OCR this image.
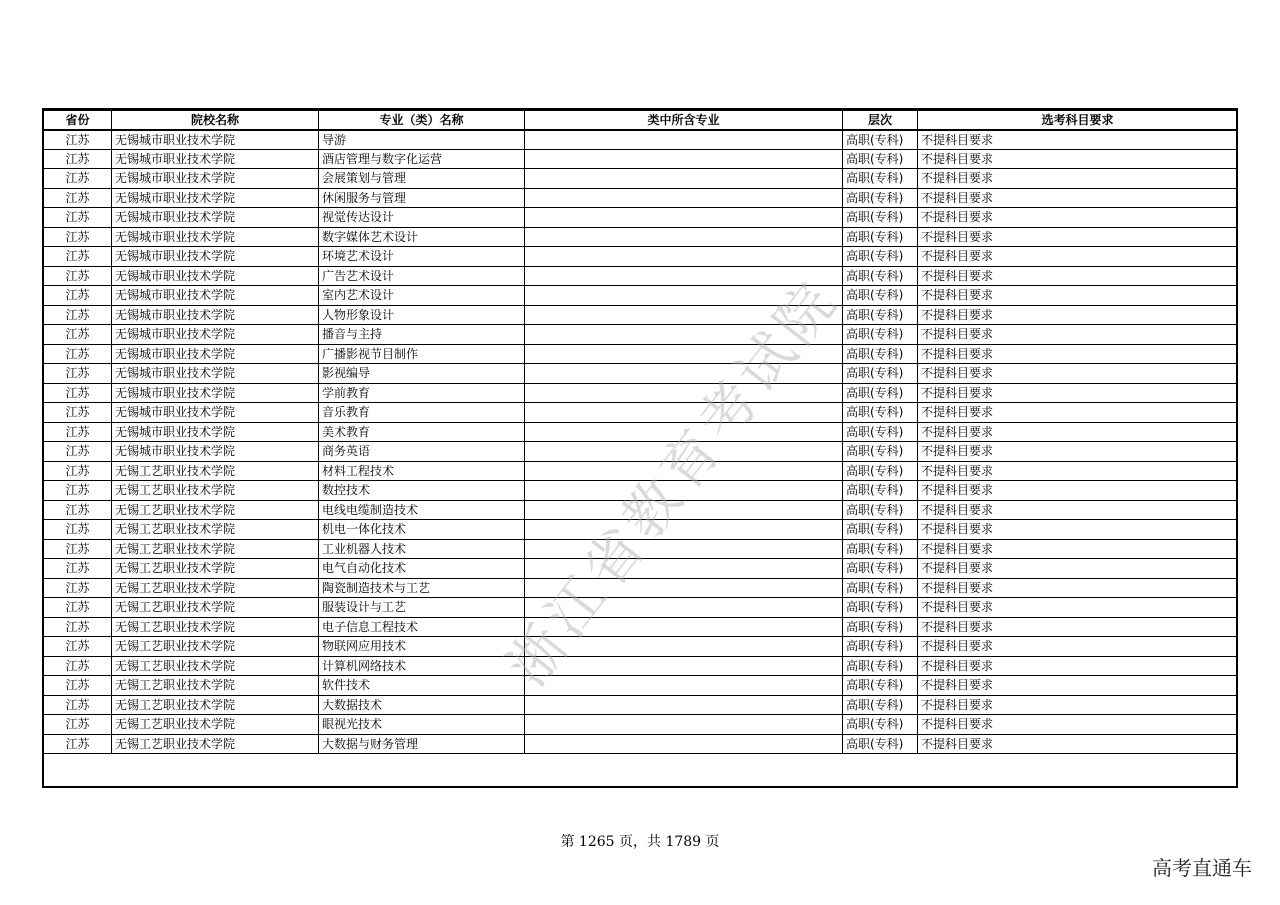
省份	院校名称	专业（类）名称	类中所含专业	层次	选考科目要求
江苏	无锡城市职业技术学院	导游		高职(专科)	不提科目要求
江苏	无锡城市职业技术学院	酒店管理与数字化运营		高职(专科)	不提科目要求
江苏	无锡城市职业技术学院	会展策划与管理		高职(专科)	不提科目要求
江苏	无锡城市职业技术学院	休闲服务与管理		高职(专科)	不提科目要求
江苏	无锡城市职业技术学院	视觉传达设计		高职(专科)	不提科目要求
江苏	无锡城市职业技术学院	数字媒体艺术设计		高职(专科)	不提科目要求
江苏	无锡城市职业技术学院	环境艺术设计		高职(专科)	不提科目要求
江苏	无锡城市职业技术学院	广告艺术设计		高职(专科)	不提科目要求
江苏	无锡城市职业技术学院	室内艺术设计		高职(专科)	不提科目要求
江苏	无锡城市职业技术学院	人物形象设计		高职(专科)	不提科目要求
江苏	无锡城市职业技术学院	播音与主持		高职(专科)	不提科目要求
江苏	无锡城市职业技术学院	广播影视节目制作		高职(专科)	不提科目要求
江苏	无锡城市职业技术学院	影视编导		高职(专科)	不提科目要求
江苏	无锡城市职业技术学院	学前教育		高职(专科)	不提科目要求
江苏	无锡城市职业技术学院	音乐教育		高职(专科)	不提科目要求
江苏	无锡城市职业技术学院	美术教育		高职(专科)	不提科目要求
江苏	无锡城市职业技术学院	商务英语		高职(专科)	不提科目要求
江苏	无锡工艺职业技术学院	材料工程技术		高职(专科)	不提科目要求
江苏	无锡工艺职业技术学院	数控技术		高职(专科)	不提科目要求
江苏	无锡工艺职业技术学院	电线电缆制造技术		高职(专科)	不提科目要求
江苏	无锡工艺职业技术学院	机电一体化技术		高职(专科)	不提科目要求
江苏	无锡工艺职业技术学院	工业机器人技术		高职(专科)	不提科目要求
江苏	无锡工艺职业技术学院	电气自动化技术		高职(专科)	不提科目要求
江苏	无锡工艺职业技术学院	陶瓷制造技术与工艺		高职(专科)	不提科目要求
江苏	无锡工艺职业技术学院	服装设计与工艺		高职(专科)	不提科目要求
江苏	无锡工艺职业技术学院	电子信息工程技术		高职(专科)	不提科目要求
江苏	无锡工艺职业技术学院	物联网应用技术		高职(专科)	不提科目要求
江苏	无锡工艺职业技术学院	计算机网络技术		高职(专科)	不提科目要求
江苏	无锡工艺职业技术学院	软件技术		高职(专科)	不提科目要求
江苏	无锡工艺职业技术学院	大数据技术		高职(专科)	不提科目要求
江苏	无锡工艺职业技术学院	眼视光技术		高职(专科)	不提科目要求
江苏	无锡工艺职业技术学院	大数据与财务管理		高职(专科)	不提科目要求
浙江省教育考试院
第 1265 页，共 1789 页
高考直通车
